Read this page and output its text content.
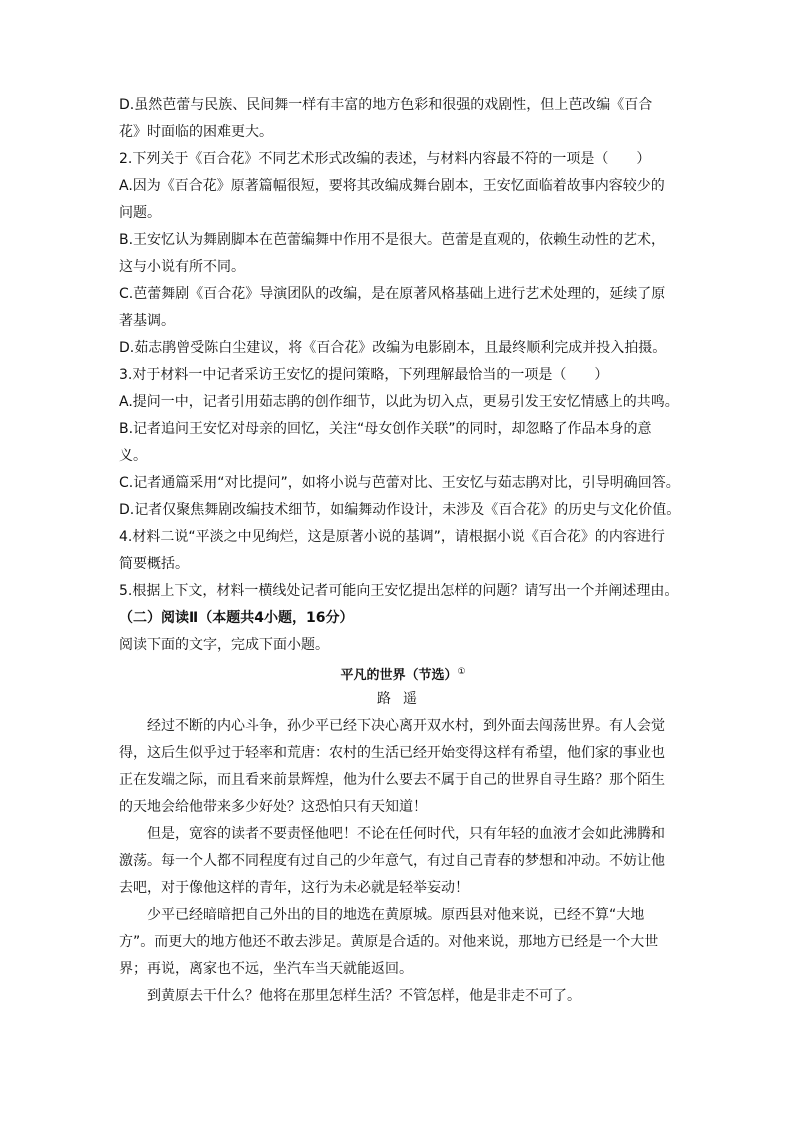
D.虽然芭蕾与民族、民间舞一样有丰富的地方色彩和很强的戏剧性，但上芭改编《百合
花》时面临的困难更大。
2.下列关于《百合花》不同艺术形式改编的表述，与材料内容最不符的一项是（　　）
A.因为《百合花》原著篇幅很短，要将其改编成舞台剧本，王安忆面临着故事内容较少的
问题。
B.王安忆认为舞剧脚本在芭蕾编舞中作用不是很大。芭蕾是直观的，依赖生动性的艺术，
这与小说有所不同。
C.芭蕾舞剧《百合花》导演团队的改编，是在原著风格基础上进行艺术处理的，延续了原
著基调。
D.茹志鹃曾受陈白尘建议，将《百合花》改编为电影剧本，且最终顺利完成并投入拍摄。
3.对于材料一中记者采访王安忆的提问策略，下列理解最恰当的一项是（　　）
A.提问一中，记者引用茹志鹃的创作细节，以此为切入点，更易引发王安忆情感上的共鸣。
B.记者追问王安忆对母亲的回忆，关注“母女创作关联”的同时，却忽略了作品本身的意
义。
C.记者通篇采用“对比提问”，如将小说与芭蕾对比、王安忆与茹志鹃对比，引导明确回答。
D.记者仅聚焦舞剧改编技术细节，如编舞动作设计，未涉及《百合花》的历史与文化价值。
4.材料二说“平淡之中见绚烂，这是原著小说的基调”，请根据小说《百合花》的内容进行
简要概括。
5.根据上下文，材料一横线处记者可能向王安忆提出怎样的问题？请写出一个并阐述理由。
（二）阅读Ⅱ（本题共4小题，16分）
阅读下面的文字，完成下面小题。
平凡的世界（节选）①
路遥
经过不断的内心斗争，孙少平已经下决心离开双水村，到外面去闯荡世界。有人会觉
得，这后生似乎过于轻率和荒唐：农村的生活已经开始变得这样有希望，他们家的事业也
正在发端之际，而且看来前景辉煌，他为什么要去不属于自己的世界自寻生路？那个陌生
的天地会给他带来多少好处？这恐怕只有天知道！
但是，宽容的读者不要责怪他吧！不论在任何时代，只有年轻的血液才会如此沸腾和
激荡。每一个人都不同程度有过自己的少年意气，有过自己青春的梦想和冲动。不妨让他
去吧，对于像他这样的青年，这行为未必就是轻举妄动！
少平已经暗暗把自己外出的目的地选在黄原城。原西县对他来说，已经不算“大地
方”。而更大的地方他还不敢去涉足。黄原是合适的。对他来说，那地方已经是一个大世
界；再说，离家也不远，坐汽车当天就能返回。
到黄原去干什么？他将在那里怎样生活？不管怎样，他是非走不可了。
